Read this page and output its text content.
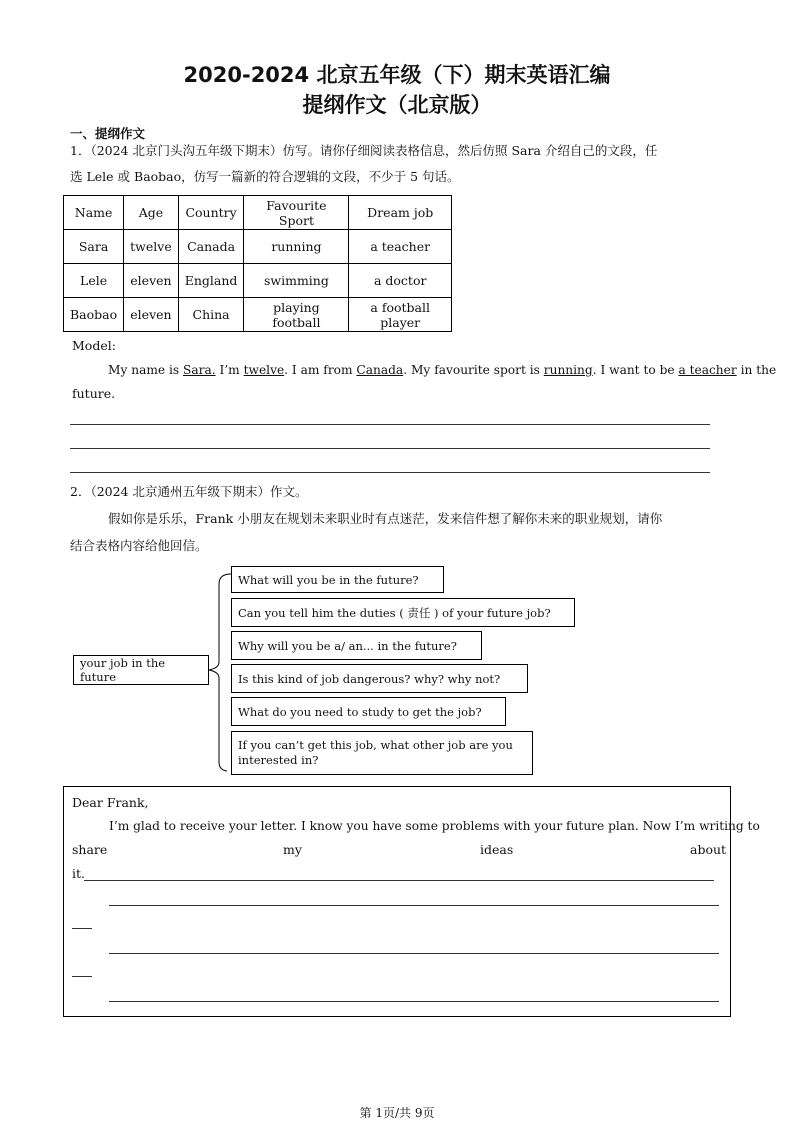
2020-2024 北京五年级（下）期末英语汇编
提纲作文（北京版）
一、提纲作文
1．（2024 北京门头沟五年级下期末）仿写。请你仔细阅读表格信息，然后仿照 Sara 介绍自己的文段，任
选 Lele 或 Baobao，仿写一篇新的符合逻辑的文段，不少于 5 句话。
Name	Age	Country	Favourite Sport	Dream job
Sara	twelve	Canada	running	a teacher
Lele	eleven	England	swimming	a doctor
Baobao	eleven	China	playing football	a football player
Model:
My name is Sara. I’m twelve. I am from Canada. My favourite sport is running. I want to be a teacher in the
future.
2．（2024 北京通州五年级下期末）作文。
假如你是乐乐，Frank 小朋友在规划未来职业时有点迷茫，发来信件想了解你未来的职业规划，请你
结合表格内容给他回信。
your job in the future
What will you be in the future?
Can you tell him the duties ( 责任 ) of your future job?
Why will you be a/ an... in the future?
Is this kind of job dangerous? why? why not?
What do you need to study to get the job?
If you can’t get this job, what other job are you interested in?
Dear Frank,
I’m glad to receive your letter. I know you have some problems with your future plan. Now I’m writing to
share	my	ideas	about
it.
第 1页/共 9页
